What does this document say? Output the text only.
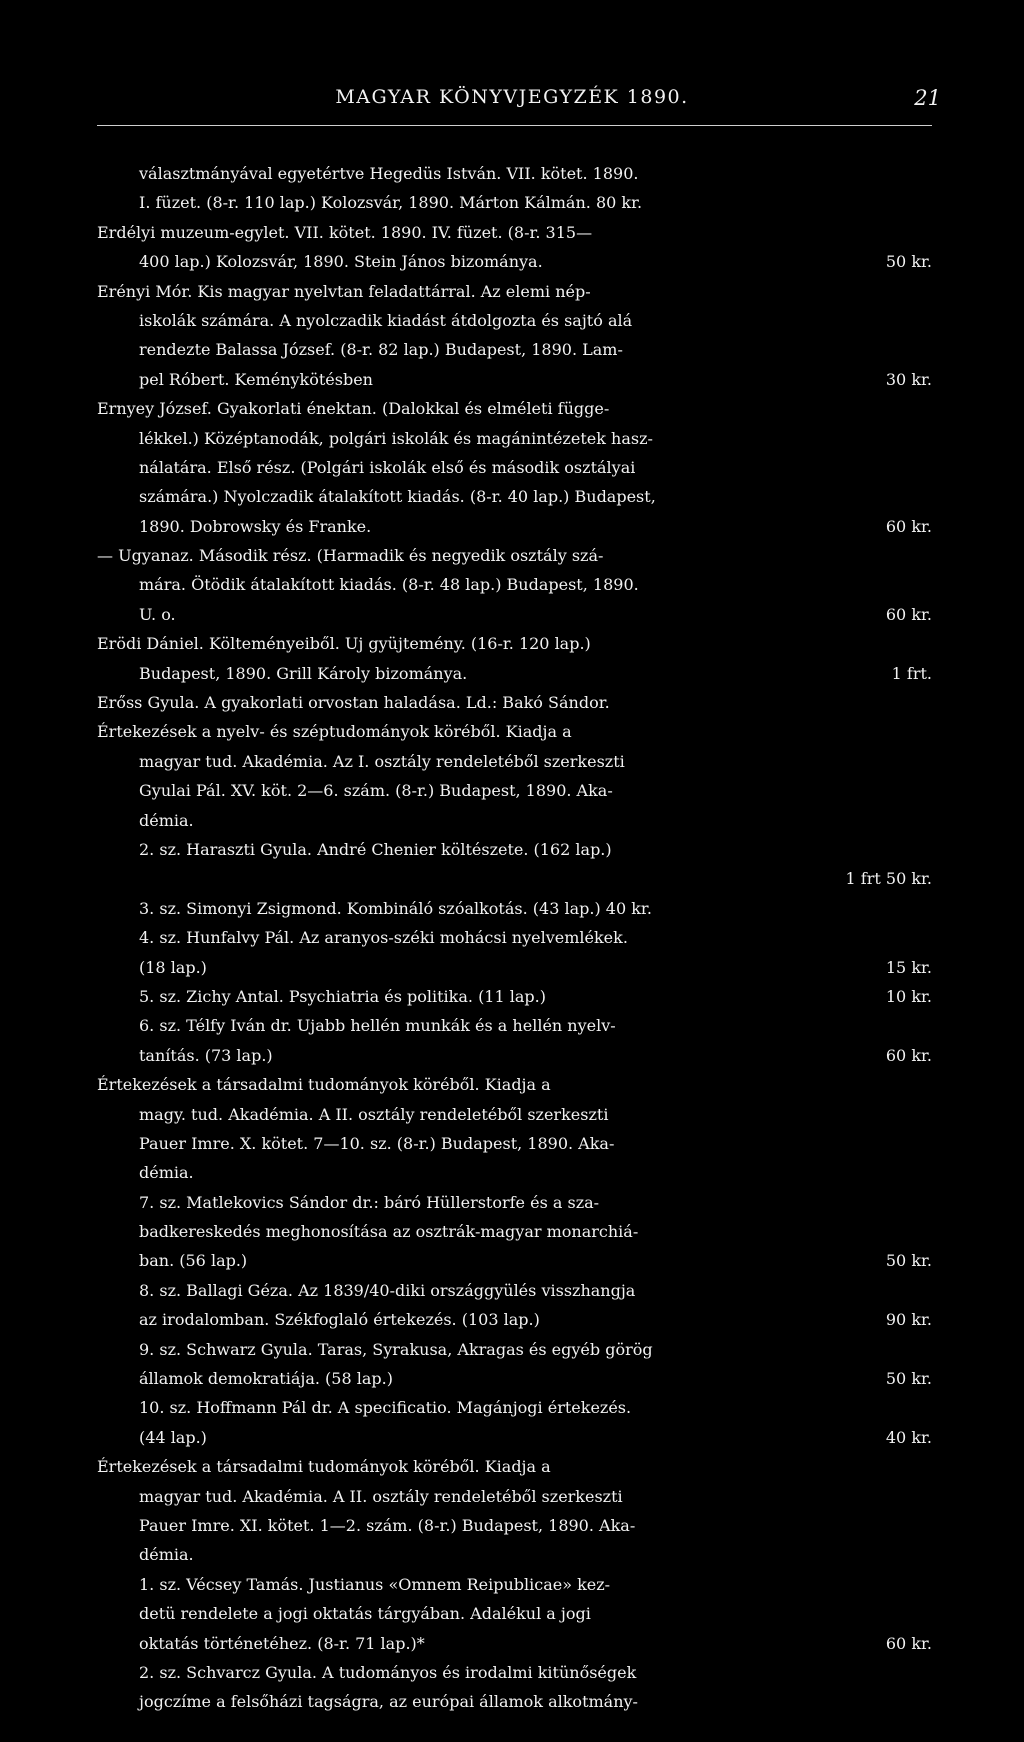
MAGYAR KÖNYVJEGYZÉK 1890.	21
választmányával egyetértve Hegedüs István. VII. kötet. 1890.
I. füzet. (8-r. 110 lap.) Kolozsvár, 1890. Márton Kálmán. 80 kr.
Erdélyi muzeum-egylet. VII. kötet. 1890. IV. füzet. (8-r. 315—
400 lap.) Kolozsvár, 1890. Stein János bizománya.	50 kr.
Erényi Mór. Kis magyar nyelvtan feladattárral. Az elemi nép-
iskolák számára. A nyolczadik kiadást átdolgozta és sajtó alá
rendezte Balassa József. (8-r. 82 lap.) Budapest, 1890. Lam-
pel Róbert. Keménykötésben	30 kr.
Ernyey József. Gyakorlati énektan. (Dalokkal és elméleti függe-
lékkel.) Középtanodák, polgári iskolák és magánintézetek hasz-
nálatára. Első rész. (Polgári iskolák első és második osztályai
számára.) Nyolczadik átalakított kiadás. (8-r. 40 lap.) Budapest,
1890. Dobrowsky és Franke.	60 kr.
— Ugyanaz. Második rész. (Harmadik és negyedik osztály szá-
mára. Ötödik átalakított kiadás. (8-r. 48 lap.) Budapest, 1890.
U. o.	60 kr.
Erödi Dániel. Költeményeiből. Uj gyüjtemény. (16-r. 120 lap.)
Budapest, 1890. Grill Károly bizománya.	1 frt.
Erőss Gyula. A gyakorlati orvostan haladása. Ld.: Bakó Sándor.
Értekezések a nyelv- és széptudományok köréből. Kiadja a
magyar tud. Akadémia. Az I. osztály rendeletéből szerkeszti
Gyulai Pál. XV. köt. 2—6. szám. (8-r.) Budapest, 1890. Aka-
démia.
2. sz. Haraszti Gyula. André Chenier költészete. (162 lap.)
1 frt 50 kr.
3. sz. Simonyi Zsigmond. Kombináló szóalkotás. (43 lap.) 40 kr.
4. sz. Hunfalvy Pál. Az aranyos-széki mohácsi nyelvemlékek.
(18 lap.)	15 kr.
5. sz. Zichy Antal. Psychiatria és politika. (11 lap.)	10 kr.
6. sz. Télfy Iván dr. Ujabb hellén munkák és a hellén nyelv-
tanítás. (73 lap.)	60 kr.
Értekezések a társadalmi tudományok köréből. Kiadja a
magy. tud. Akadémia. A II. osztály rendeletéből szerkeszti
Pauer Imre. X. kötet. 7—10. sz. (8-r.) Budapest, 1890. Aka-
démia.
7. sz. Matlekovics Sándor dr.: báró Hüllerstorfe és a sza-
badkereskedés meghonosítása az osztrák-magyar monarchiá-
ban. (56 lap.)	50 kr.
8. sz. Ballagi Géza. Az 1839/40-diki országgyülés visszhangja
az irodalomban. Székfoglaló értekezés. (103 lap.)	90 kr.
9. sz. Schwarz Gyula. Taras, Syrakusa, Akragas és egyéb görög
államok demokratiája. (58 lap.)	50 kr.
10. sz. Hoffmann Pál dr. A specificatio. Magánjogi értekezés.
(44 lap.)	40 kr.
Értekezések a társadalmi tudományok köréből. Kiadja a
magyar tud. Akadémia. A II. osztály rendeletéből szerkeszti
Pauer Imre. XI. kötet. 1—2. szám. (8-r.) Budapest, 1890. Aka-
démia.
1. sz. Vécsey Tamás. Justianus «Omnem Reipublicae» kez-
detü rendelete a jogi oktatás tárgyában. Adalékul a jogi
oktatás történetéhez. (8-r. 71 lap.)*	60 kr.
2. sz. Schvarcz Gyula. A tudományos és irodalmi kitünőségek
jogczíme a felsőházi tagságra, az európai államok alkotmány-
